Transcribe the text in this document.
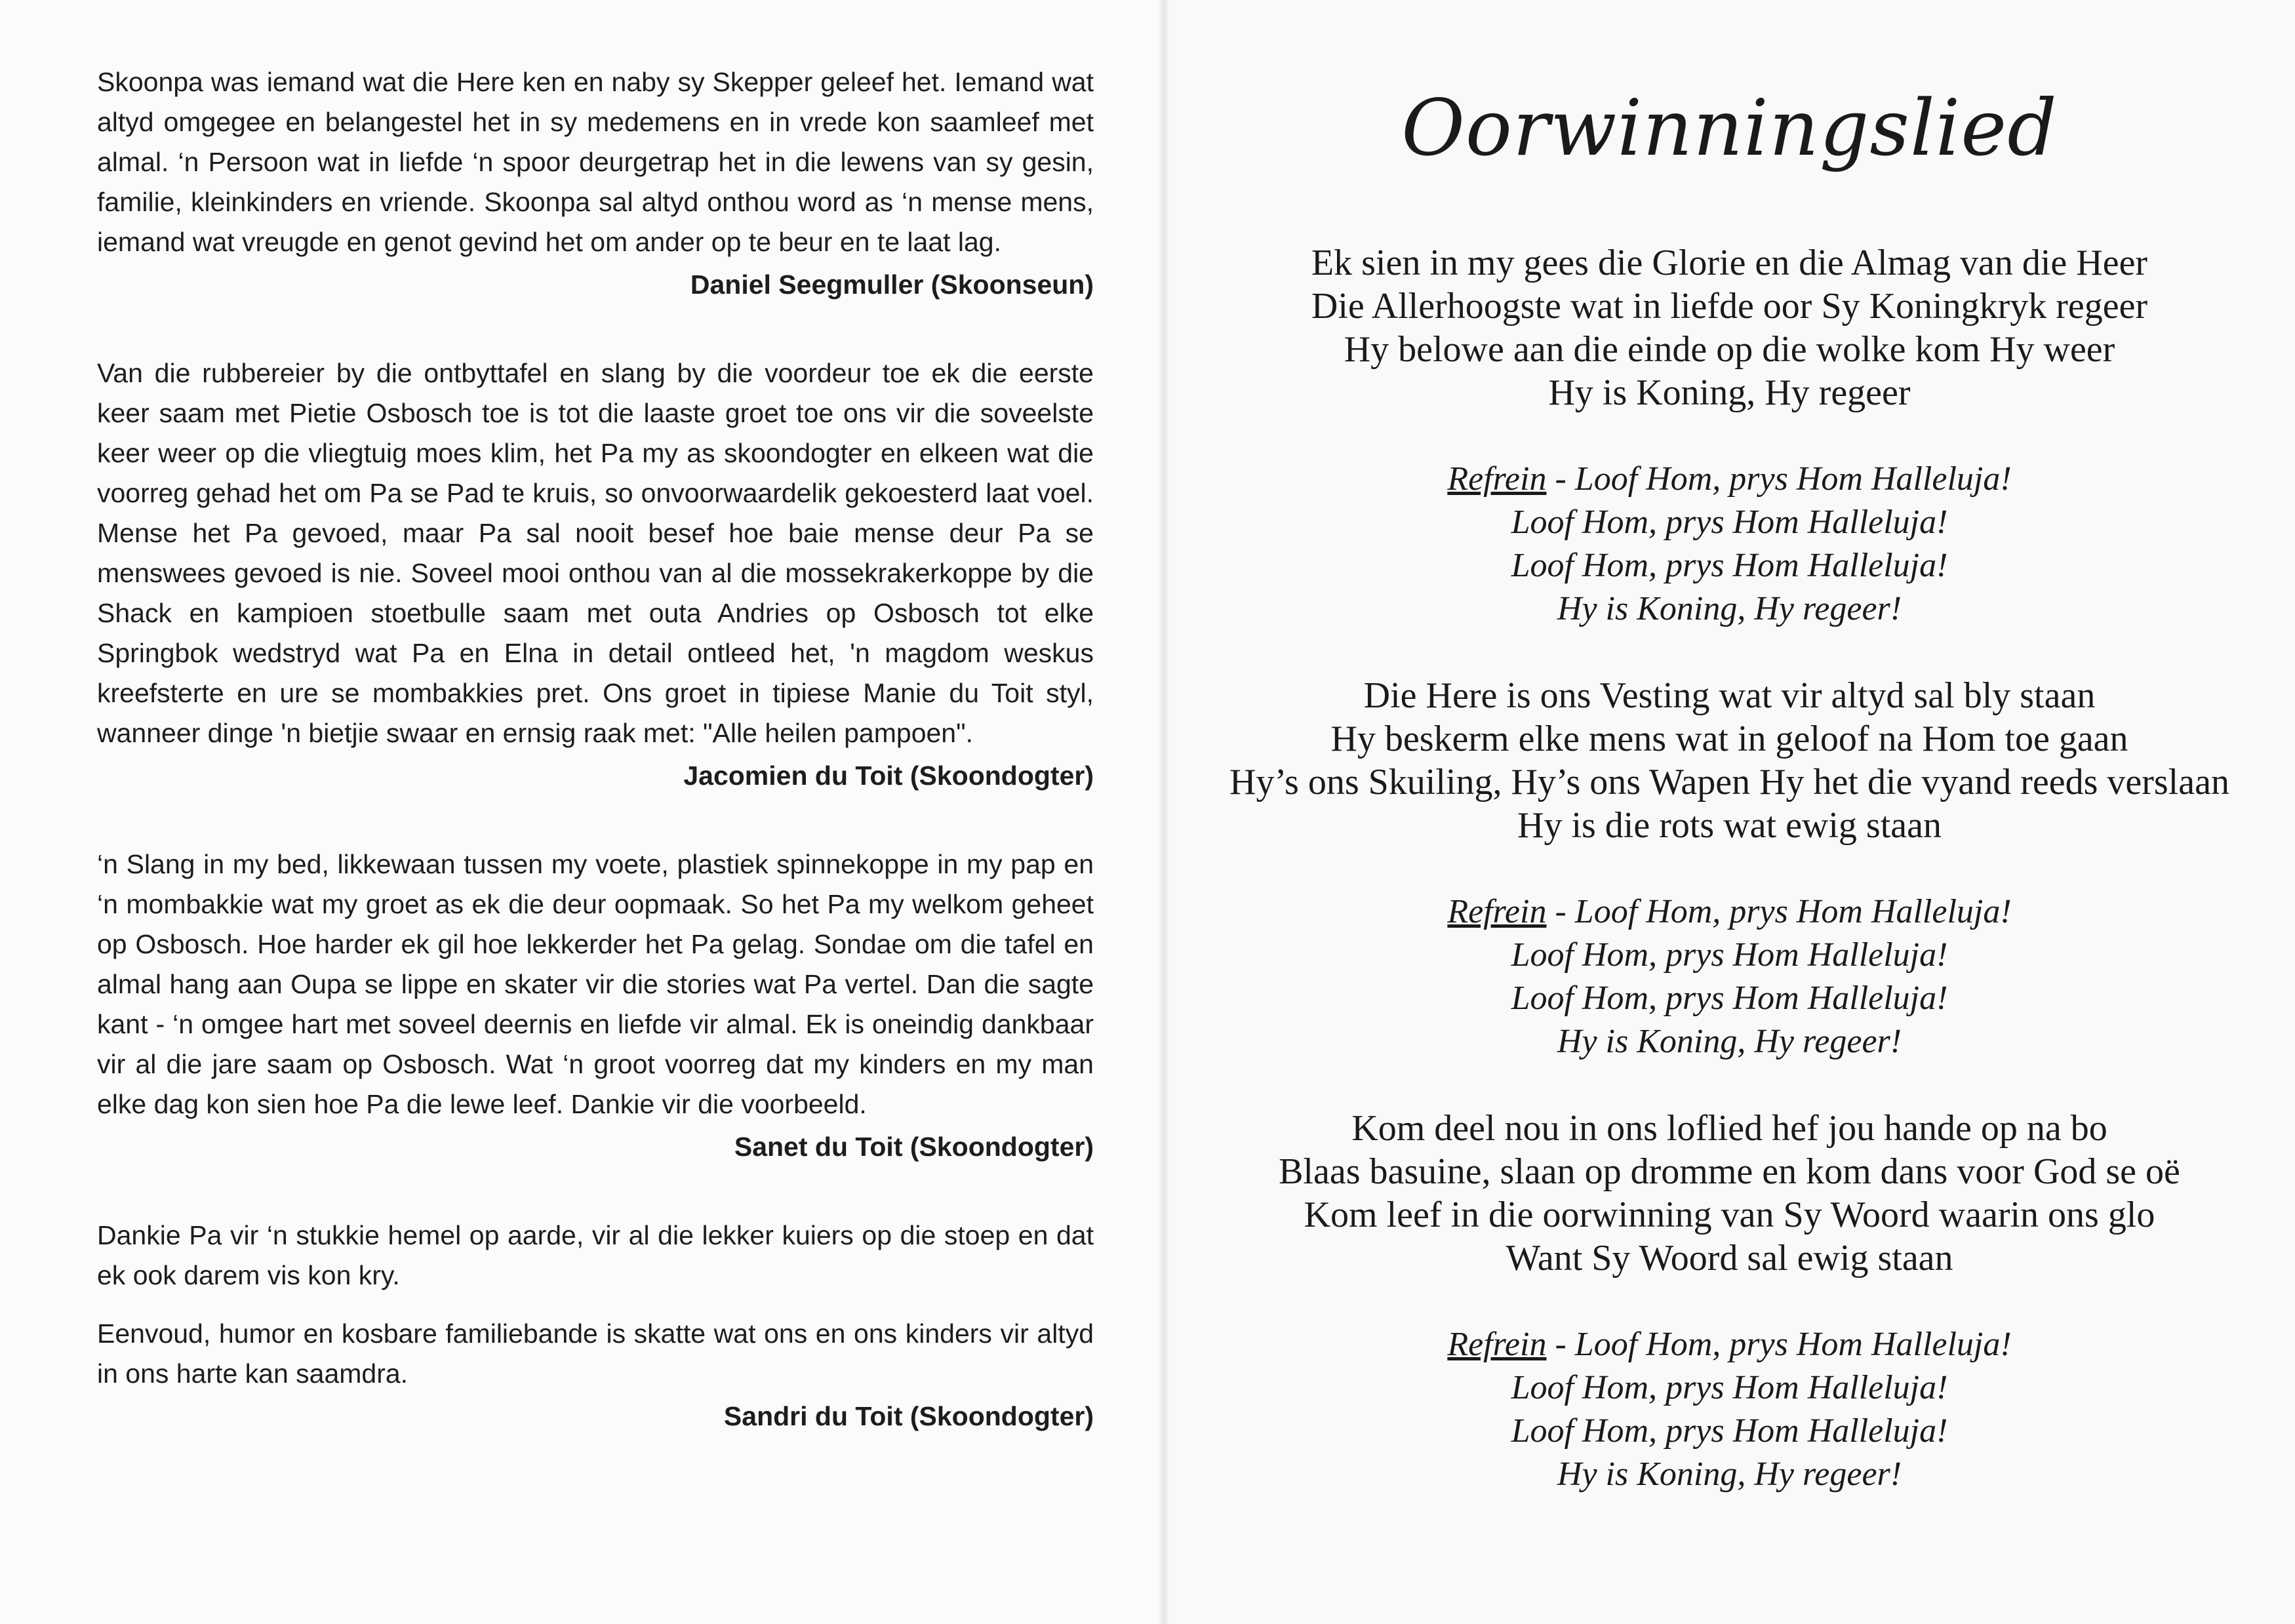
Skoonpa was iemand wat die Here ken en naby sy Skepper geleef het. Iemand wat altyd omgegee en belangestel het in sy medemens en in vrede kon saamleef met almal. ‘n Persoon wat in liefde ‘n spoor deurgetrap het in die lewens van sy gesin, familie, kleinkinders en vriende. Skoonpa sal altyd onthou word as ‘n mense mens, iemand wat vreugde en genot gevind het om ander op te beur en te laat lag.

Daniel Seegmuller (Skoonseun)

Van die rubbereier by die ontbyttafel en slang by die voordeur toe ek die eerste keer saam met Pietie Osbosch toe is tot die laaste groet toe ons vir die soveelste keer weer op die vliegtuig moes klim, het Pa my as skoondogter en elkeen wat die voorreg gehad het om Pa se Pad te kruis, so onvoorwaardelik gekoesterd laat voel. Mense het Pa gevoed, maar Pa sal nooit besef hoe baie mense deur Pa se menswees gevoed is nie. Soveel mooi onthou van al die mossekrakerkoppe by die Shack en kampioen stoetbulle saam met outa Andries op Osbosch tot elke Springbok wedstryd wat Pa en Elna in detail ontleed het, 'n magdom weskus kreefsterte en ure se mombakkies pret. Ons groet in tipiese Manie du Toit styl, wanneer dinge 'n bietjie swaar en ernsig raak met: "Alle heilen pampoen".

Jacomien du Toit (Skoondogter)

‘n Slang in my bed, likkewaan tussen my voete, plastiek spinnekoppe in my pap en ‘n mombakkie wat my groet as ek die deur oopmaak. So het Pa my welkom geheet op Osbosch. Hoe harder ek gil hoe lekkerder het Pa gelag. Sondae om die tafel en almal hang aan Oupa se lippe en skater vir die stories wat Pa vertel. Dan die sagte kant - ‘n omgee hart met soveel deernis en liefde vir almal. Ek is oneindig dankbaar vir al die jare saam op Osbosch. Wat ‘n groot voorreg dat my kinders en my man elke dag kon sien hoe Pa die lewe leef. Dankie vir die voorbeeld.

Sanet du Toit (Skoondogter)

Dankie Pa vir ‘n stukkie hemel op aarde, vir al die lekker kuiers op die stoep en dat ek ook darem vis kon kry.

Eenvoud, humor en kosbare familiebande is skatte wat ons en ons kinders vir altyd in ons harte kan saamdra.

Sandri du Toit (Skoondogter)

Oorwinningslied
Ek sien in my gees die Glorie en die Almag van die Heer
Die Allerhoogste wat in liefde oor Sy Koningkryk regeer
Hy belowe aan die einde op die wolke kom Hy weer
Hy is Koning, Hy regeer
Refrein - Loof Hom, prys Hom Halleluja!
Loof Hom, prys Hom Halleluja!
Loof Hom, prys Hom Halleluja!
Hy is Koning, Hy regeer!
Die Here is ons Vesting wat vir altyd sal bly staan
Hy beskerm elke mens wat in geloof na Hom toe gaan
Hy’s ons Skuiling, Hy’s ons Wapen Hy het die vyand reeds verslaan
Hy is die rots wat ewig staan
Refrein - Loof Hom, prys Hom Halleluja!
Loof Hom, prys Hom Halleluja!
Loof Hom, prys Hom Halleluja!
Hy is Koning, Hy regeer!
Kom deel nou in ons loflied hef jou hande op na bo
Blaas basuine, slaan op dromme en kom dans voor God se oë
Kom leef in die oorwinning van Sy Woord waarin ons glo
Want Sy Woord sal ewig staan
Refrein - Loof Hom, prys Hom Halleluja!
Loof Hom, prys Hom Halleluja!
Loof Hom, prys Hom Halleluja!
Hy is Koning, Hy regeer!
